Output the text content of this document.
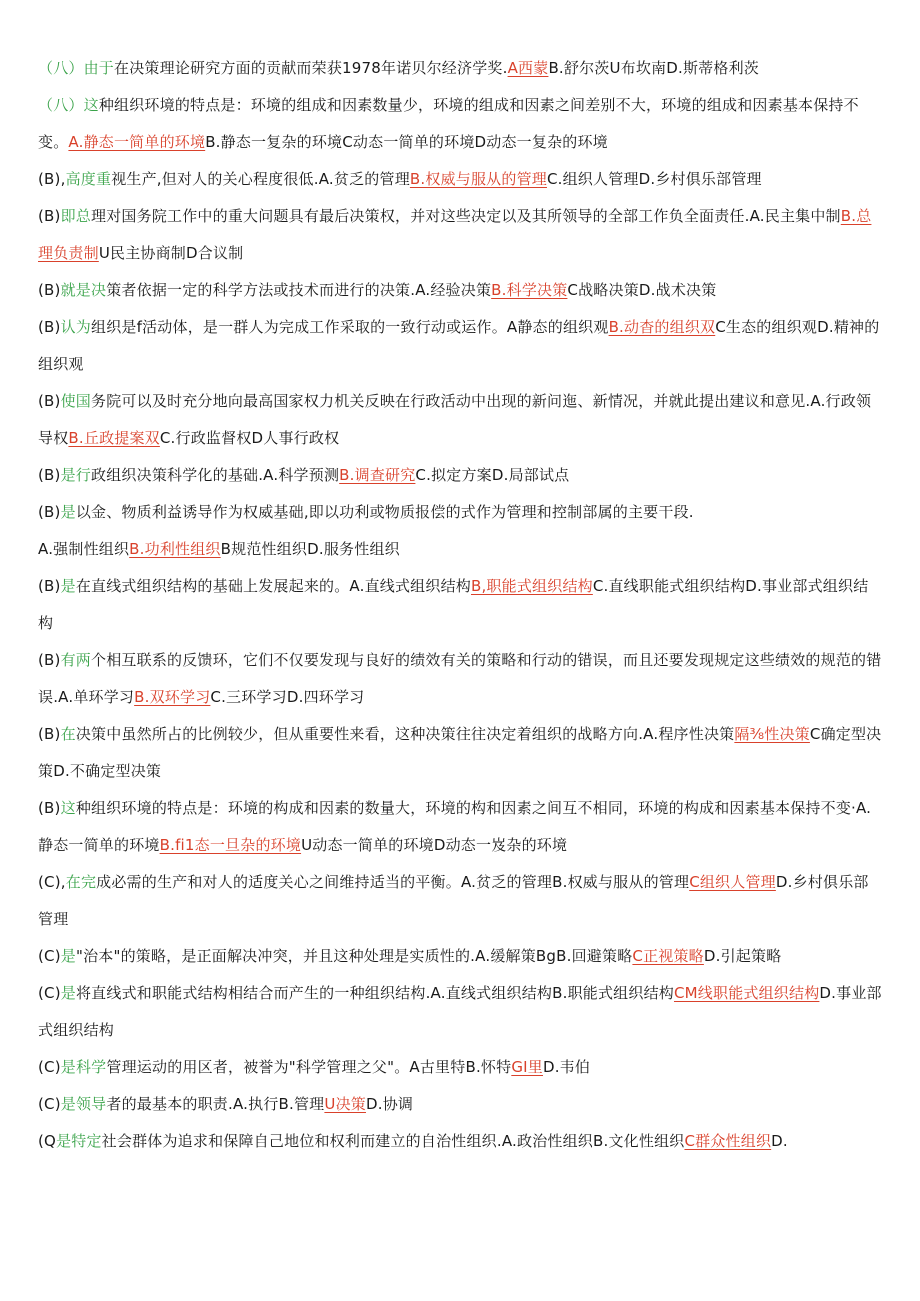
（八）由于在决策理论研究方面的贡献而荣获1978年诺贝尔经济学奖.A西蒙B.舒尔茨U布坎南D.斯蒂格利茨

（八）这种组织环境的特点是：环境的组成和因素数量少，环境的组成和因素之间差别不大，环境的组成和因素基本保持不变。A.静态一简单的环境B.静态一复杂的环境C动态一简单的环境D动态一复杂的环境

(B),高度重视生产,但对人的关心程度很低.A.贫乏的管理B.权威与服从的管理C.组织人管理D.乡村俱乐部管理

(B)即总理对国务院工作中的重大问题具有最后决策权，并对这些决定以及其所领导的全部工作负全面责任.A.民主集中制B.总理负责制U民主协商制D合议制

(B)就是决策者依据一定的科学方法或技术而进行的决策.A.经验决策B.科学决策C战略决策D.战术决策

(B)认为组织是f活动体，是一群人为完成工作采取的一致行动或运作。A静态的组织观B.动杳的组织双C生态的组织观D.精神的组织观

(B)使国务院可以及时充分地向最高国家权力机关反映在行政活动中出现的新问迤、新情况，并就此提出建议和意见.A.行政领导权B.丘政提案双C.行政监督权D人事行政权

(B)是行政组织决策科学化的基础.A.科学预测B.调查研究C.拟定方案D.局部试点

(B)是以金、物质利益诱导作为权威基础,即以功利或物质报偿的式作为管理和控制部属的主要干段.
A.强制性组织B.功利性组织B规范性组织D.服务性组织

(B)是在直线式组织结构的基础上发展起来的。A.直线式组织结构B,职能式组织结构C.直线职能式组织结构D.事业部式组织结构

(B)有两个相互联系的反馈环，它们不仅要发现与良好的绩效有关的策略和行动的错误，而且还要发现规定这些绩效的规范的错误.A.单环学习B.双环学习C.三环学习D.四环学习

(B)在决策中虽然所占的比例较少，但从重要性来看，这种决策往往决定着组织的战略方向.A.程序性决策隔⅜性决策C确定型决策D.不确定型决策

(B)这种组织环境的特点是：环境的构成和因素的数量大，环境的构和因素之间互不相同，环境的构成和因素基本保持不变·A.静态一简单的环境B.fi1态一旦杂的环境U动态一简单的环境D动态一岌杂的环境

(C),在完成必需的生产和对人的适度关心之间维持适当的平衡。A.贫乏的管理B.权威与服从的管理C组织人管理D.乡村俱乐部管理

(C)是"治本"的策略，是正面解决冲突，并且这种处理是实质性的.A.缓解策BgB.回避策略C正视策略D.引起策略

(C)是将直线式和职能式结构相结合而产生的一种组织结构.A.直线式组织结构B.职能式组织结构CM线职能式组织结构D.事业部式组织结构

(C)是科学管理运动的用区者，被誉为"科学管理之父"。A古里特B.怀特GI里D.韦伯

(C)是领导者的最基本的职责.A.执行B.管理U决策D.协调

(Q是特定社会群体为追求和保障自己地位和权利而建立的自治性组织.A.政治性组织B.文化性组织C群众性组织D.
